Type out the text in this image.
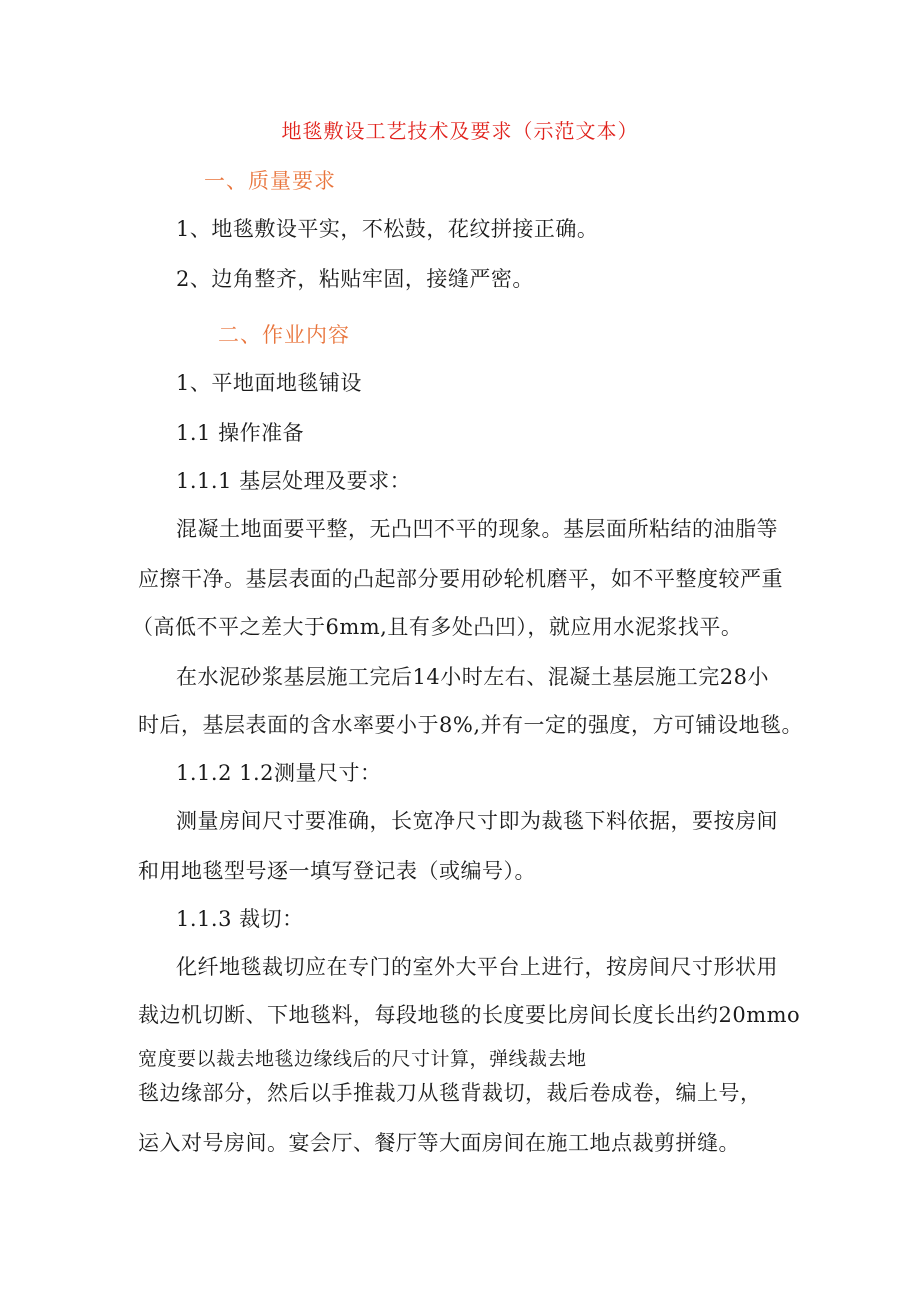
地毯敷设工艺技术及要求（示范文本）
一、质量要求
1、地毯敷设平实，不松鼓，花纹拼接正确。
2、边角整齐，粘贴牢固，接缝严密。
二、作业内容
1、平地面地毯铺设
1.1 操作准备
1.1.1 基层处理及要求：
混凝土地面要平整，无凸凹不平的现象。基层面所粘结的油脂等
应擦干净。基层表面的凸起部分要用砂轮机磨平，如不平整度较严重
（高低不平之差大于6mm,且有多处凸凹），就应用水泥浆找平。
在水泥砂浆基层施工完后14小时左右、混凝土基层施工完28小
时后，基层表面的含水率要小于8%,并有一定的强度，方可铺设地毯。
1.1.2 1.2测量尺寸：
测量房间尺寸要准确，长宽净尺寸即为裁毯下料依据，要按房间
和用地毯型号逐一填写登记表（或编号）。
1.1.3 裁切：
化纤地毯裁切应在专门的室外大平台上进行，按房间尺寸形状用
裁边机切断、下地毯料，每段地毯的长度要比房间长度长出约20mmo
宽度要以裁去地毯边缘线后的尺寸计算，弹线裁去地
毯边缘部分，然后以手推裁刀从毯背裁切，裁后卷成卷，编上号，
运入对号房间。宴会厅、餐厅等大面房间在施工地点裁剪拼缝。
